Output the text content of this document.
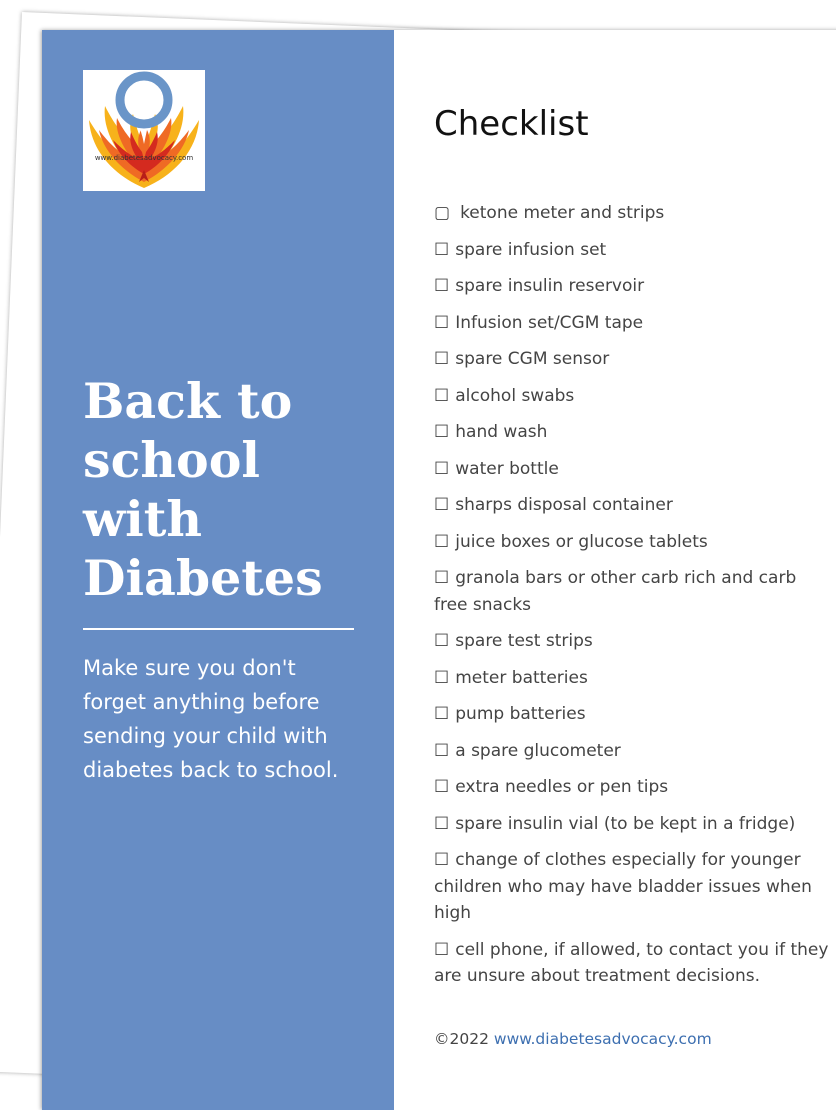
www.diabetesadvocacy.com
Back to school with Diabetes

Make sure you don't forget anything before sending your child with diabetes back to school.

Checklist
▢ ketone meter and strips
☐ spare infusion set
☐ spare insulin reservoir
☐ Infusion set/CGM tape
☐ spare CGM sensor
☐ alcohol swabs
☐ hand wash
☐ water bottle
☐ sharps disposal container
☐ juice boxes or glucose tablets
☐ granola bars or other carb rich and carb free snacks
☐ spare test strips
☐ meter batteries
☐ pump batteries
☐ a spare glucometer
☐ extra needles or pen tips
☐ spare insulin vial (to be kept in a fridge)
☐ change of clothes especially for younger children who may have bladder issues when high
☐ cell phone, if allowed, to contact you if they are unsure about treatment decisions.
©2022 www.diabetesadvocacy.com
